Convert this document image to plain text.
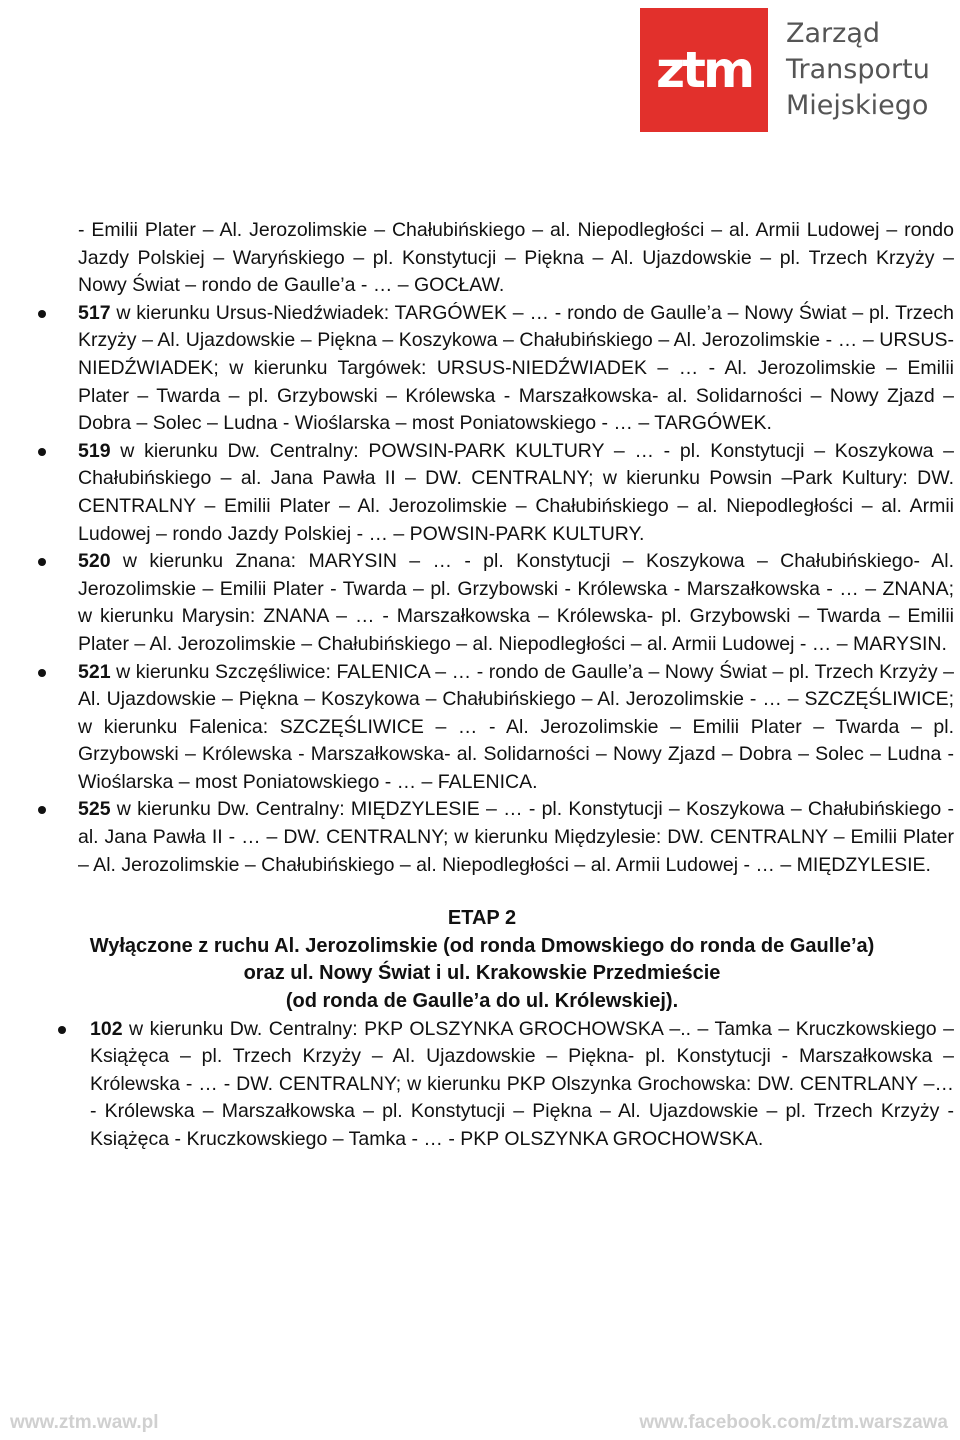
ztm
Zarząd
Transportu
Miejskiego

- Emilii Plater – Al. Jerozolimskie – Chałubińskiego – al. Niepodległości – al. Armii Ludowej – rondo Jazdy Polskiej – Waryńskiego – pl. Konstytucji – Piękna – Al. Ujazdowskie – pl. Trzech Krzyży – Nowy Świat – rondo de Gaulle’a - … – GOCŁAW.

517 w kierunku Ursus-Niedźwiadek: TARGÓWEK – … - rondo de Gaulle’a – Nowy Świat – pl. Trzech Krzyży – Al. Ujazdowskie – Piękna – Koszykowa – Chałubińskiego – Al. Jerozolimskie - … – URSUS-NIEDŹWIADEK; w kierunku Targówek: URSUS-NIEDŹWIADEK – … - Al. Jerozolimskie – Emilii Plater – Twarda – pl. Grzybowski – Królewska - Marszałkowska- al. Solidarności – Nowy Zjazd – Dobra – Solec – Ludna - Wioślarska – most Poniatowskiego - … – TARGÓWEK.
519 w kierunku Dw. Centralny: POWSIN-PARK KULTURY – … - pl. Konstytucji – Koszykowa – Chałubińskiego – al. Jana Pawła II – DW. CENTRALNY; w kierunku Powsin –Park Kultury: DW. CENTRALNY – Emilii Plater – Al. Jerozolimskie – Chałubińskiego – al. Niepodległości – al. Armii Ludowej – rondo Jazdy Polskiej - … – POWSIN-PARK KULTURY.
520 w kierunku Znana: MARYSIN – … - pl. Konstytucji – Koszykowa – Chałubińskiego- Al. Jerozolimskie – Emilii Plater - Twarda – pl. Grzybowski - Królewska - Marszałkowska - … – ZNANA; w kierunku Marysin: ZNANA – … - Marszałkowska – Królewska- pl. Grzybowski – Twarda – Emilii Plater – Al. Jerozolimskie – Chałubińskiego – al. Niepodległości – al. Armii Ludowej - … – MARYSIN.
521 w kierunku Szczęśliwice: FALENICA – … - rondo de Gaulle’a – Nowy Świat – pl. Trzech Krzyży – Al. Ujazdowskie – Piękna – Koszykowa – Chałubińskiego – Al. Jerozolimskie - … – SZCZĘŚLIWICE; w kierunku Falenica: SZCZĘŚLIWICE – … - Al. Jerozolimskie – Emilii Plater – Twarda – pl. Grzybowski – Królewska - Marszałkowska- al. Solidarności – Nowy Zjazd – Dobra – Solec – Ludna - Wioślarska – most Poniatowskiego - … – FALENICA.
525 w kierunku Dw. Centralny: MIĘDZYLESIE – … - pl. Konstytucji – Koszykowa – Chałubińskiego - al. Jana Pawła II - … – DW. CENTRALNY; w kierunku Międzylesie: DW. CENTRALNY – Emilii Plater – Al. Jerozolimskie – Chałubińskiego – al. Niepodległości – al. Armii Ludowej - … – MIĘDZYLESIE.
ETAP 2
Wyłączone z ruchu Al. Jerozolimskie (od ronda Dmowskiego do ronda de Gaulle’a)
oraz ul. Nowy Świat i ul. Krakowskie Przedmieście
(od ronda de Gaulle’a do ul. Królewskiej).
102 w kierunku Dw. Centralny: PKP OLSZYNKA GROCHOWSKA –.. – Tamka – Kruczkowskiego – Książęca – pl. Trzech Krzyży – Al. Ujazdowskie – Piękna- pl. Konstytucji - Marszałkowska – Królewska - … - DW. CENTRALNY; w kierunku PKP Olszynka Grochowska: DW. CENTRLANY –… - Królewska – Marszałkowska – pl. Konstytucji – Piękna – Al. Ujazdowskie – pl. Trzech Krzyży - Książęca - Kruczkowskiego – Tamka - … - PKP OLSZYNKA GROCHOWSKA.
www.ztm.waw.pl	www.facebook.com/ztm.warszawa
